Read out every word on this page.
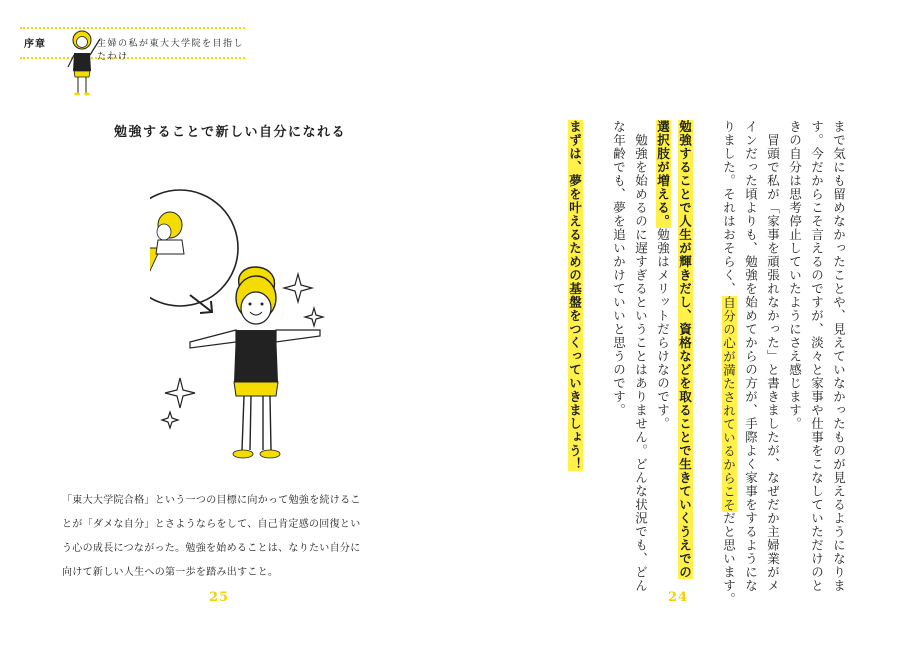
序章	主婦の私が東大大学院を目指したわけ
勉強することで新しい自分になれる

「東大大学院合格」という一つの目標に向かって勉強を続けるこ

とが「ダメな自分」とさようならをして、自己肯定感の回復とい

う心の成長につながった。勉強を始めることは、なりたい自分に

向けて新しい人生への第一歩を踏み出すこと。

25
まで気にも留めなかったことや、見えていなかったものが見えるようになりま
す。今だからこそ言えるのですが、淡々と家事や仕事をこなしていただけのと
きの自分は思考停止していたようにさえ感じます。
　冒頭で私が「家事を頑張れなかった」と書きましたが、なぜだか主婦業がメ
インだった頃よりも、勉強を始めてからの方が、手際よく家事をするようにな
りました。それはおそらく、自分の心が満たされているからこそだと思います。
勉強することで人生が輝きだし、資格などを取ることで生きていくうえでの
選択肢が増える。勉強はメリットだらけなのです。
　勉強を始めるのに遅すぎるということはありません。どんな状況でも、どん
な年齢でも、夢を追いかけていいと思うのです。
まずは、夢を叶えるための基盤をつくっていきましょう！
24
